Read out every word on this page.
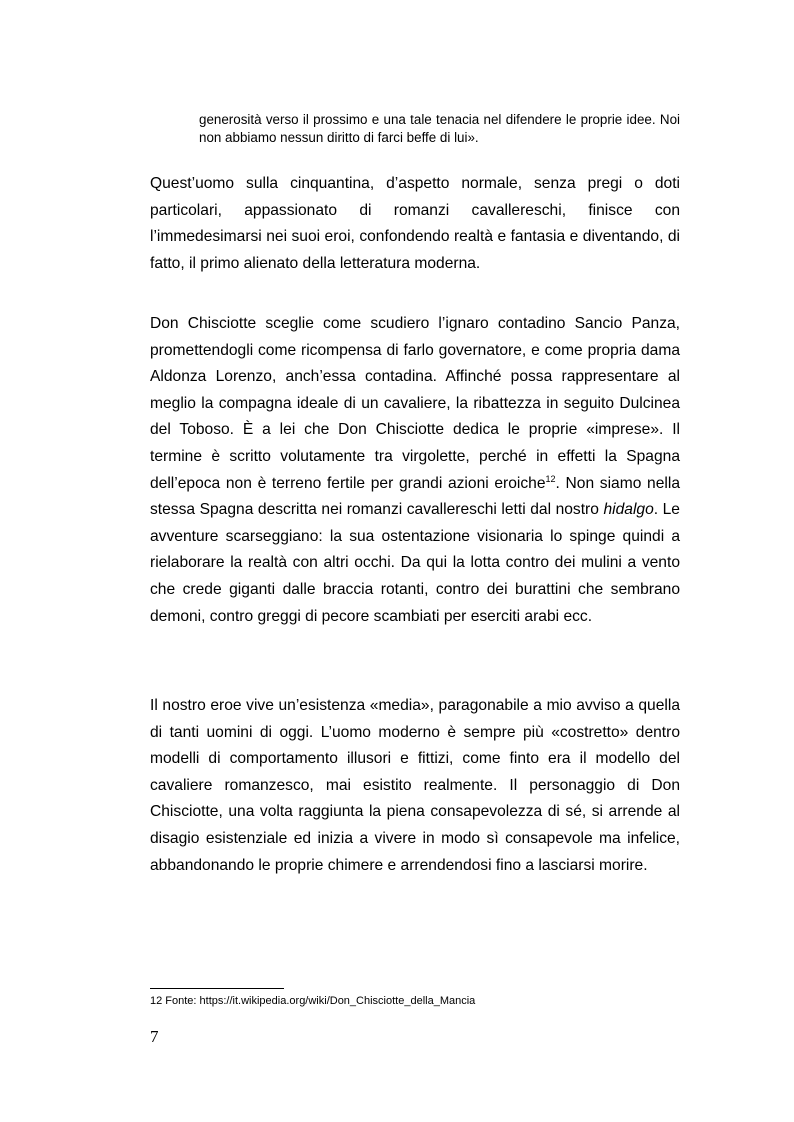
generosità verso il prossimo e una tale tenacia nel difendere le proprie idee. Noi non abbiamo nessun diritto di farci beffe di lui».

Quest’uomo sulla cinquantina, d’aspetto normale, senza pregi o doti particolari, appassionato di romanzi cavallereschi, finisce con l’immedesimarsi nei suoi eroi, confondendo realtà e fantasia e diventando, di fatto, il primo alienato della letteratura moderna.

Don Chisciotte sceglie come scudiero l’ignaro contadino Sancio Panza, promettendogli come ricompensa di farlo governatore, e come propria dama Aldonza Lorenzo, anch’essa contadina. Affinché possa rappresentare al meglio la compagna ideale di un cavaliere, la ribattezza in seguito Dulcinea del Toboso. È a lei che Don Chisciotte dedica le proprie «imprese». Il termine è scritto volutamente tra virgolette, perché in effetti la Spagna dell’epoca non è terreno fertile per grandi azioni eroiche$^{12}$. Non siamo nella stessa Spagna descritta nei romanzi cavallereschi letti dal nostro hidalgo. Le avventure scarseggiano: la sua ostentazione visionaria lo spinge quindi a rielaborare la realtà con altri occhi. Da qui la lotta contro dei mulini a vento che crede giganti dalle braccia rotanti, contro dei burattini che sembrano demoni, contro greggi di pecore scambiati per eserciti arabi ecc.

Il nostro eroe vive un’esistenza «media», paragonabile a mio avviso a quella di tanti uomini di oggi. L’uomo moderno è sempre più «costretto» dentro modelli di comportamento illusori e fittizi, come finto era il modello del cavaliere romanzesco, mai esistito realmente. Il personaggio di Don Chisciotte, una volta raggiunta la piena consapevolezza di sé, si arrende al disagio esistenziale ed inizia a vivere in modo sì consapevole ma infelice, abbandonando le proprie chimere e arrendendosi fino a lasciarsi morire.

12 Fonte: https://it.wikipedia.org/wiki/Don_Chisciotte_della_Mancia
7
